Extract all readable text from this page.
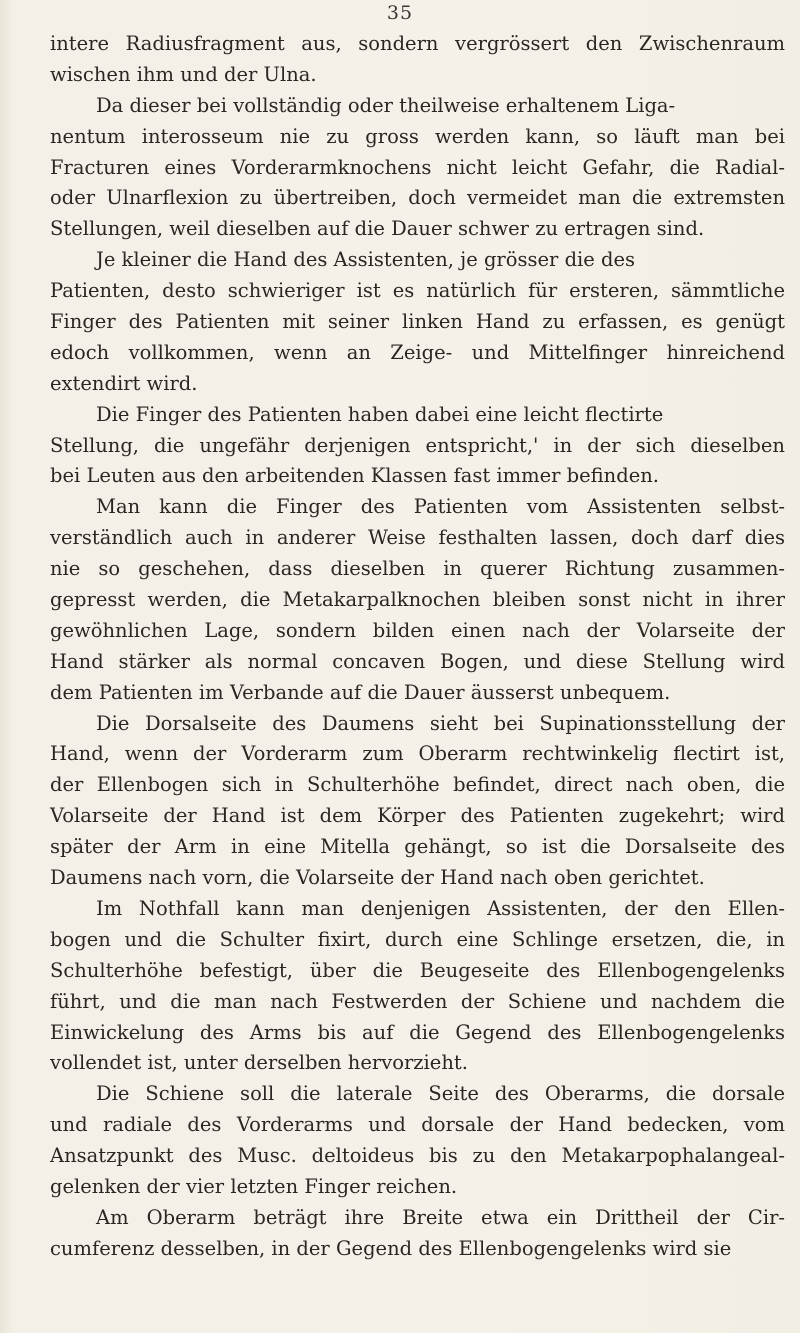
35
intere Radiusfragment aus, sondern vergrössert den Zwischenraum
wischen ihm und der Ulna.
Da dieser bei vollständig oder theilweise erhaltenem Liga-
nentum interosseum nie zu gross werden kann, so läuft man bei
Fracturen eines Vorderarmknochens nicht leicht Gefahr, die Radial-
oder Ulnarflexion zu übertreiben, doch vermeidet man die extremsten
Stellungen, weil dieselben auf die Dauer schwer zu ertragen sind.
Je kleiner die Hand des Assistenten, je grösser die des
Patienten, desto schwieriger ist es natürlich für ersteren, sämmtliche
Finger des Patienten mit seiner linken Hand zu erfassen, es genügt
edoch vollkommen, wenn an Zeige- und Mittelfinger hinreichend
extendirt wird.
Die Finger des Patienten haben dabei eine leicht flectirte
Stellung, die ungefähr derjenigen entspricht,' in der sich dieselben
bei Leuten aus den arbeitenden Klassen fast immer befinden.
Man kann die Finger des Patienten vom Assistenten selbst-
verständlich auch in anderer Weise festhalten lassen, doch darf dies
nie so geschehen, dass dieselben in querer Richtung zusammen-
gepresst werden, die Metakarpalknochen bleiben sonst nicht in ihrer
gewöhnlichen Lage, sondern bilden einen nach der Volarseite der
Hand stärker als normal concaven Bogen, und diese Stellung wird
dem Patienten im Verbande auf die Dauer äusserst unbequem.
Die Dorsalseite des Daumens sieht bei Supinationsstellung der
Hand, wenn der Vorderarm zum Oberarm rechtwinkelig flectirt ist,
der Ellenbogen sich in Schulterhöhe befindet, direct nach oben, die
Volarseite der Hand ist dem Körper des Patienten zugekehrt; wird
später der Arm in eine Mitella gehängt, so ist die Dorsalseite des
Daumens nach vorn, die Volarseite der Hand nach oben gerichtet.
Im Nothfall kann man denjenigen Assistenten, der den Ellen-
bogen und die Schulter fixirt, durch eine Schlinge ersetzen, die, in
Schulterhöhe befestigt, über die Beugeseite des Ellenbogengelenks
führt, und die man nach Festwerden der Schiene und nachdem die
Einwickelung des Arms bis auf die Gegend des Ellenbogengelenks
vollendet ist, unter derselben hervorzieht.
Die Schiene soll die laterale Seite des Oberarms, die dorsale
und radiale des Vorderarms und dorsale der Hand bedecken, vom
Ansatzpunkt des Musc. deltoideus bis zu den Metakarpophalangeal-
gelenken der vier letzten Finger reichen.
Am Oberarm beträgt ihre Breite etwa ein Drittheil der Cir-
cumferenz desselben, in der Gegend des Ellenbogengelenks wird sie
